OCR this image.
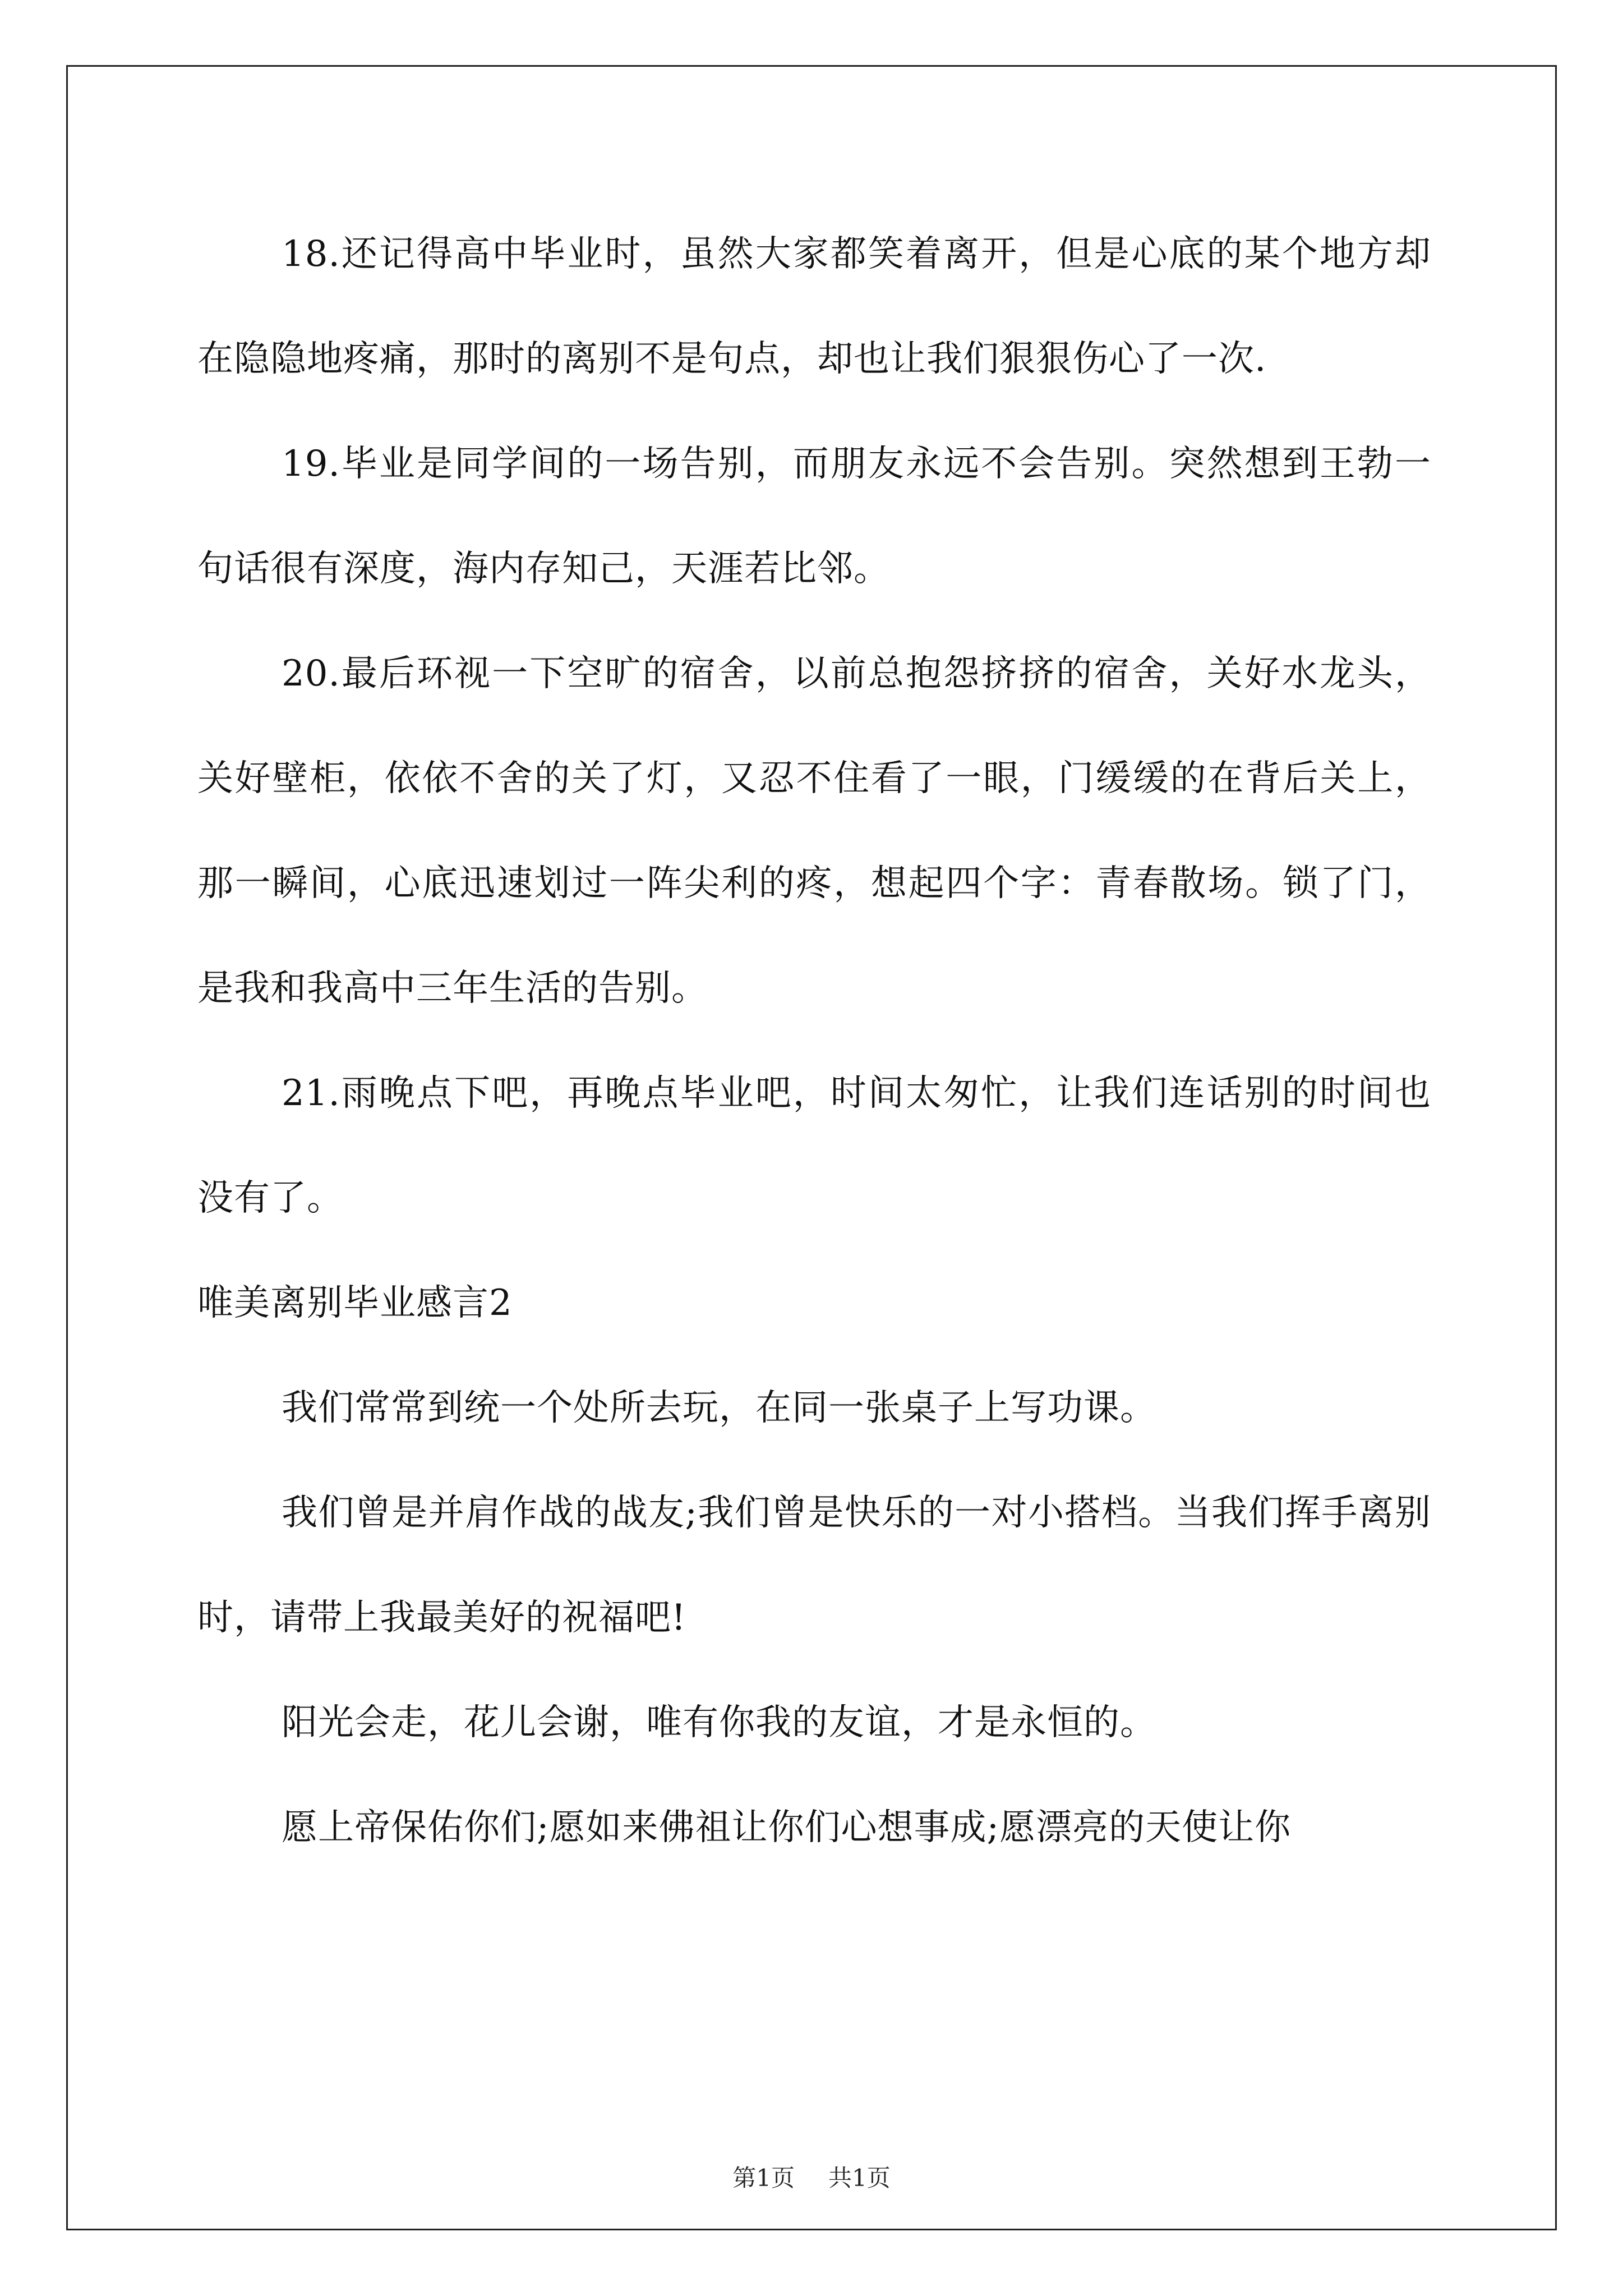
18.还记得高中毕业时，虽然大家都笑着离开，但是心底的某个地方却在隐隐地疼痛，那时的离别不是句点，却也让我们狠狠伤心了一次.

19.毕业是同学间的一场告别，而朋友永远不会告别。突然想到王勃一句话很有深度，海内存知己，天涯若比邻。

20.最后环视一下空旷的宿舍，以前总抱怨挤挤的宿舍，关好水龙头，关好壁柜，依依不舍的关了灯，又忍不住看了一眼，门缓缓的在背后关上，那一瞬间，心底迅速划过一阵尖利的疼，想起四个字：青春散场。锁了门，是我和我高中三年生活的告别。

21.雨晚点下吧，再晚点毕业吧，时间太匆忙，让我们连话别的时间也没有了。

唯美离别毕业感言2

我们常常到统一个处所去玩，在同一张桌子上写功课。

我们曾是并肩作战的战友;我们曾是快乐的一对小搭档。当我们挥手离别时，请带上我最美好的祝福吧!

阳光会走，花儿会谢，唯有你我的友谊，才是永恒的。

愿上帝保佑你们;愿如来佛祖让你们心想事成;愿漂亮的天使让你

第1页 共1页
